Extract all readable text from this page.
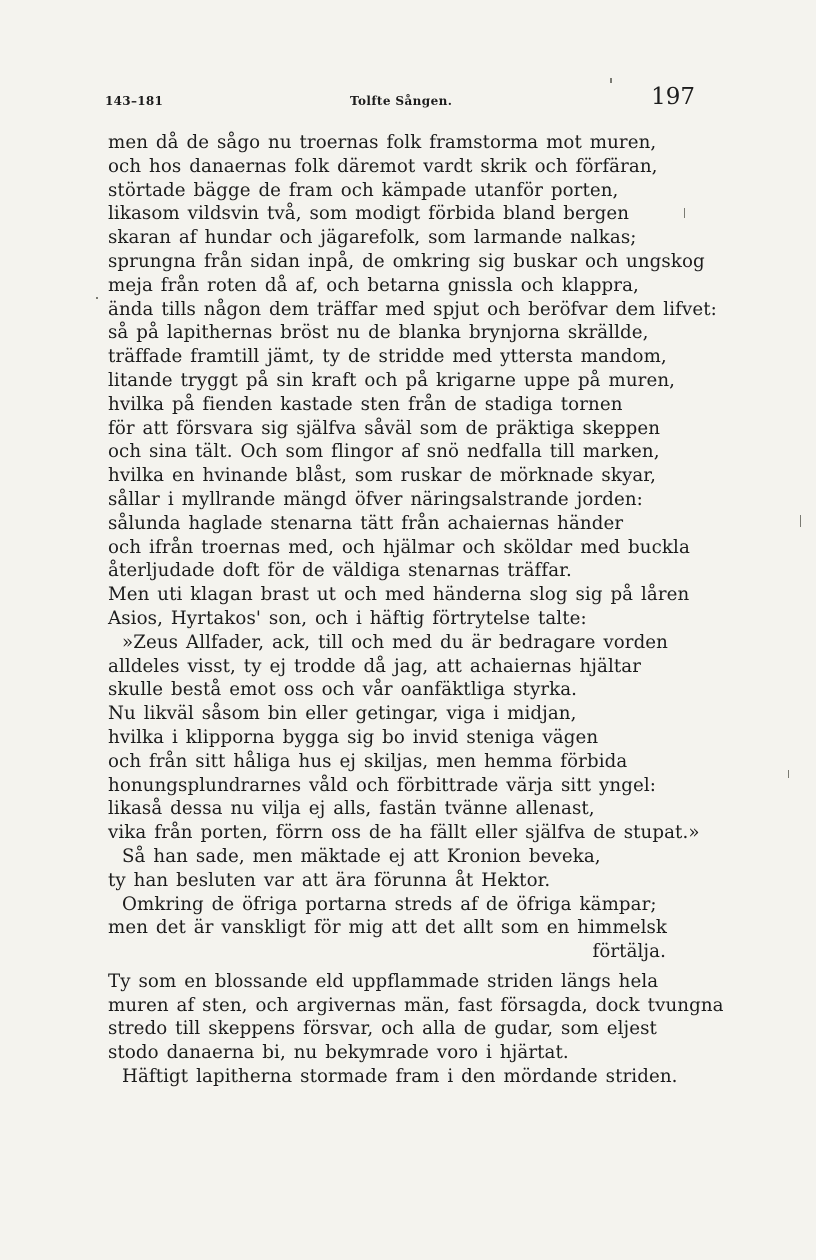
143–181	Tolfte Sången.	197
men då de sågo nu troernas folk framstorma mot muren,
och hos danaernas folk däremot vardt skrik och förfäran,
störtade bägge de fram och kämpade utanför porten,
likasom vildsvin två, som modigt förbida bland bergen
skaran af hundar och jägarefolk, som larmande nalkas;
sprungna från sidan inpå, de omkring sig buskar och ungskog
meja från roten då af, och betarna gnissla och klappra,
ända tills någon dem träffar med spjut och beröfvar dem lifvet:
så på lapithernas bröst nu de blanka brynjorna skrällde,
träffade framtill jämt, ty de stridde med yttersta mandom,
litande tryggt på sin kraft och på krigarne uppe på muren,
hvilka på fienden kastade sten från de stadiga tornen
för att försvara sig själfva såväl som de präktiga skeppen
och sina tält. Och som flingor af snö nedfalla till marken,
hvilka en hvinande blåst, som ruskar de mörknade skyar,
sållar i myllrande mängd öfver näringsalstrande jorden:
sålunda haglade stenarna tätt från achaiernas händer
och ifrån troernas med, och hjälmar och sköldar med buckla
återljudade doft för de väldiga stenarnas träffar.
Men uti klagan brast ut och med händerna slog sig på låren
Asios, Hyrtakos' son, och i häftig förtrytelse talte:
»Zeus Allfader, ack, till och med du är bedragare vorden
alldeles visst, ty ej trodde då jag, att achaiernas hjältar
skulle bestå emot oss och vår oanfäktliga styrka.
Nu likväl såsom bin eller getingar, viga i midjan,
hvilka i klipporna bygga sig bo invid steniga vägen
och från sitt håliga hus ej skiljas, men hemma förbida
honungsplundrarnes våld och förbittrade värja sitt yngel:
likaså dessa nu vilja ej alls, fastän tvänne allenast,
vika från porten, förrn oss de ha fällt eller själfva de stupat.»
Så han sade, men mäktade ej att Kronion beveka,
ty han besluten var att ära förunna åt Hektor.
Omkring de öfriga portarna streds af de öfriga kämpar;
men det är vanskligt för mig att det allt som en himmelsk
förtälja.
Ty som en blossande eld uppflammade striden längs hela
muren af sten, och argivernas män, fast försagda, dock tvungna
stredo till skeppens försvar, och alla de gudar, som eljest
stodo danaerna bi, nu bekymrade voro i hjärtat.
Häftigt lapitherna stormade fram i den mördande striden.
